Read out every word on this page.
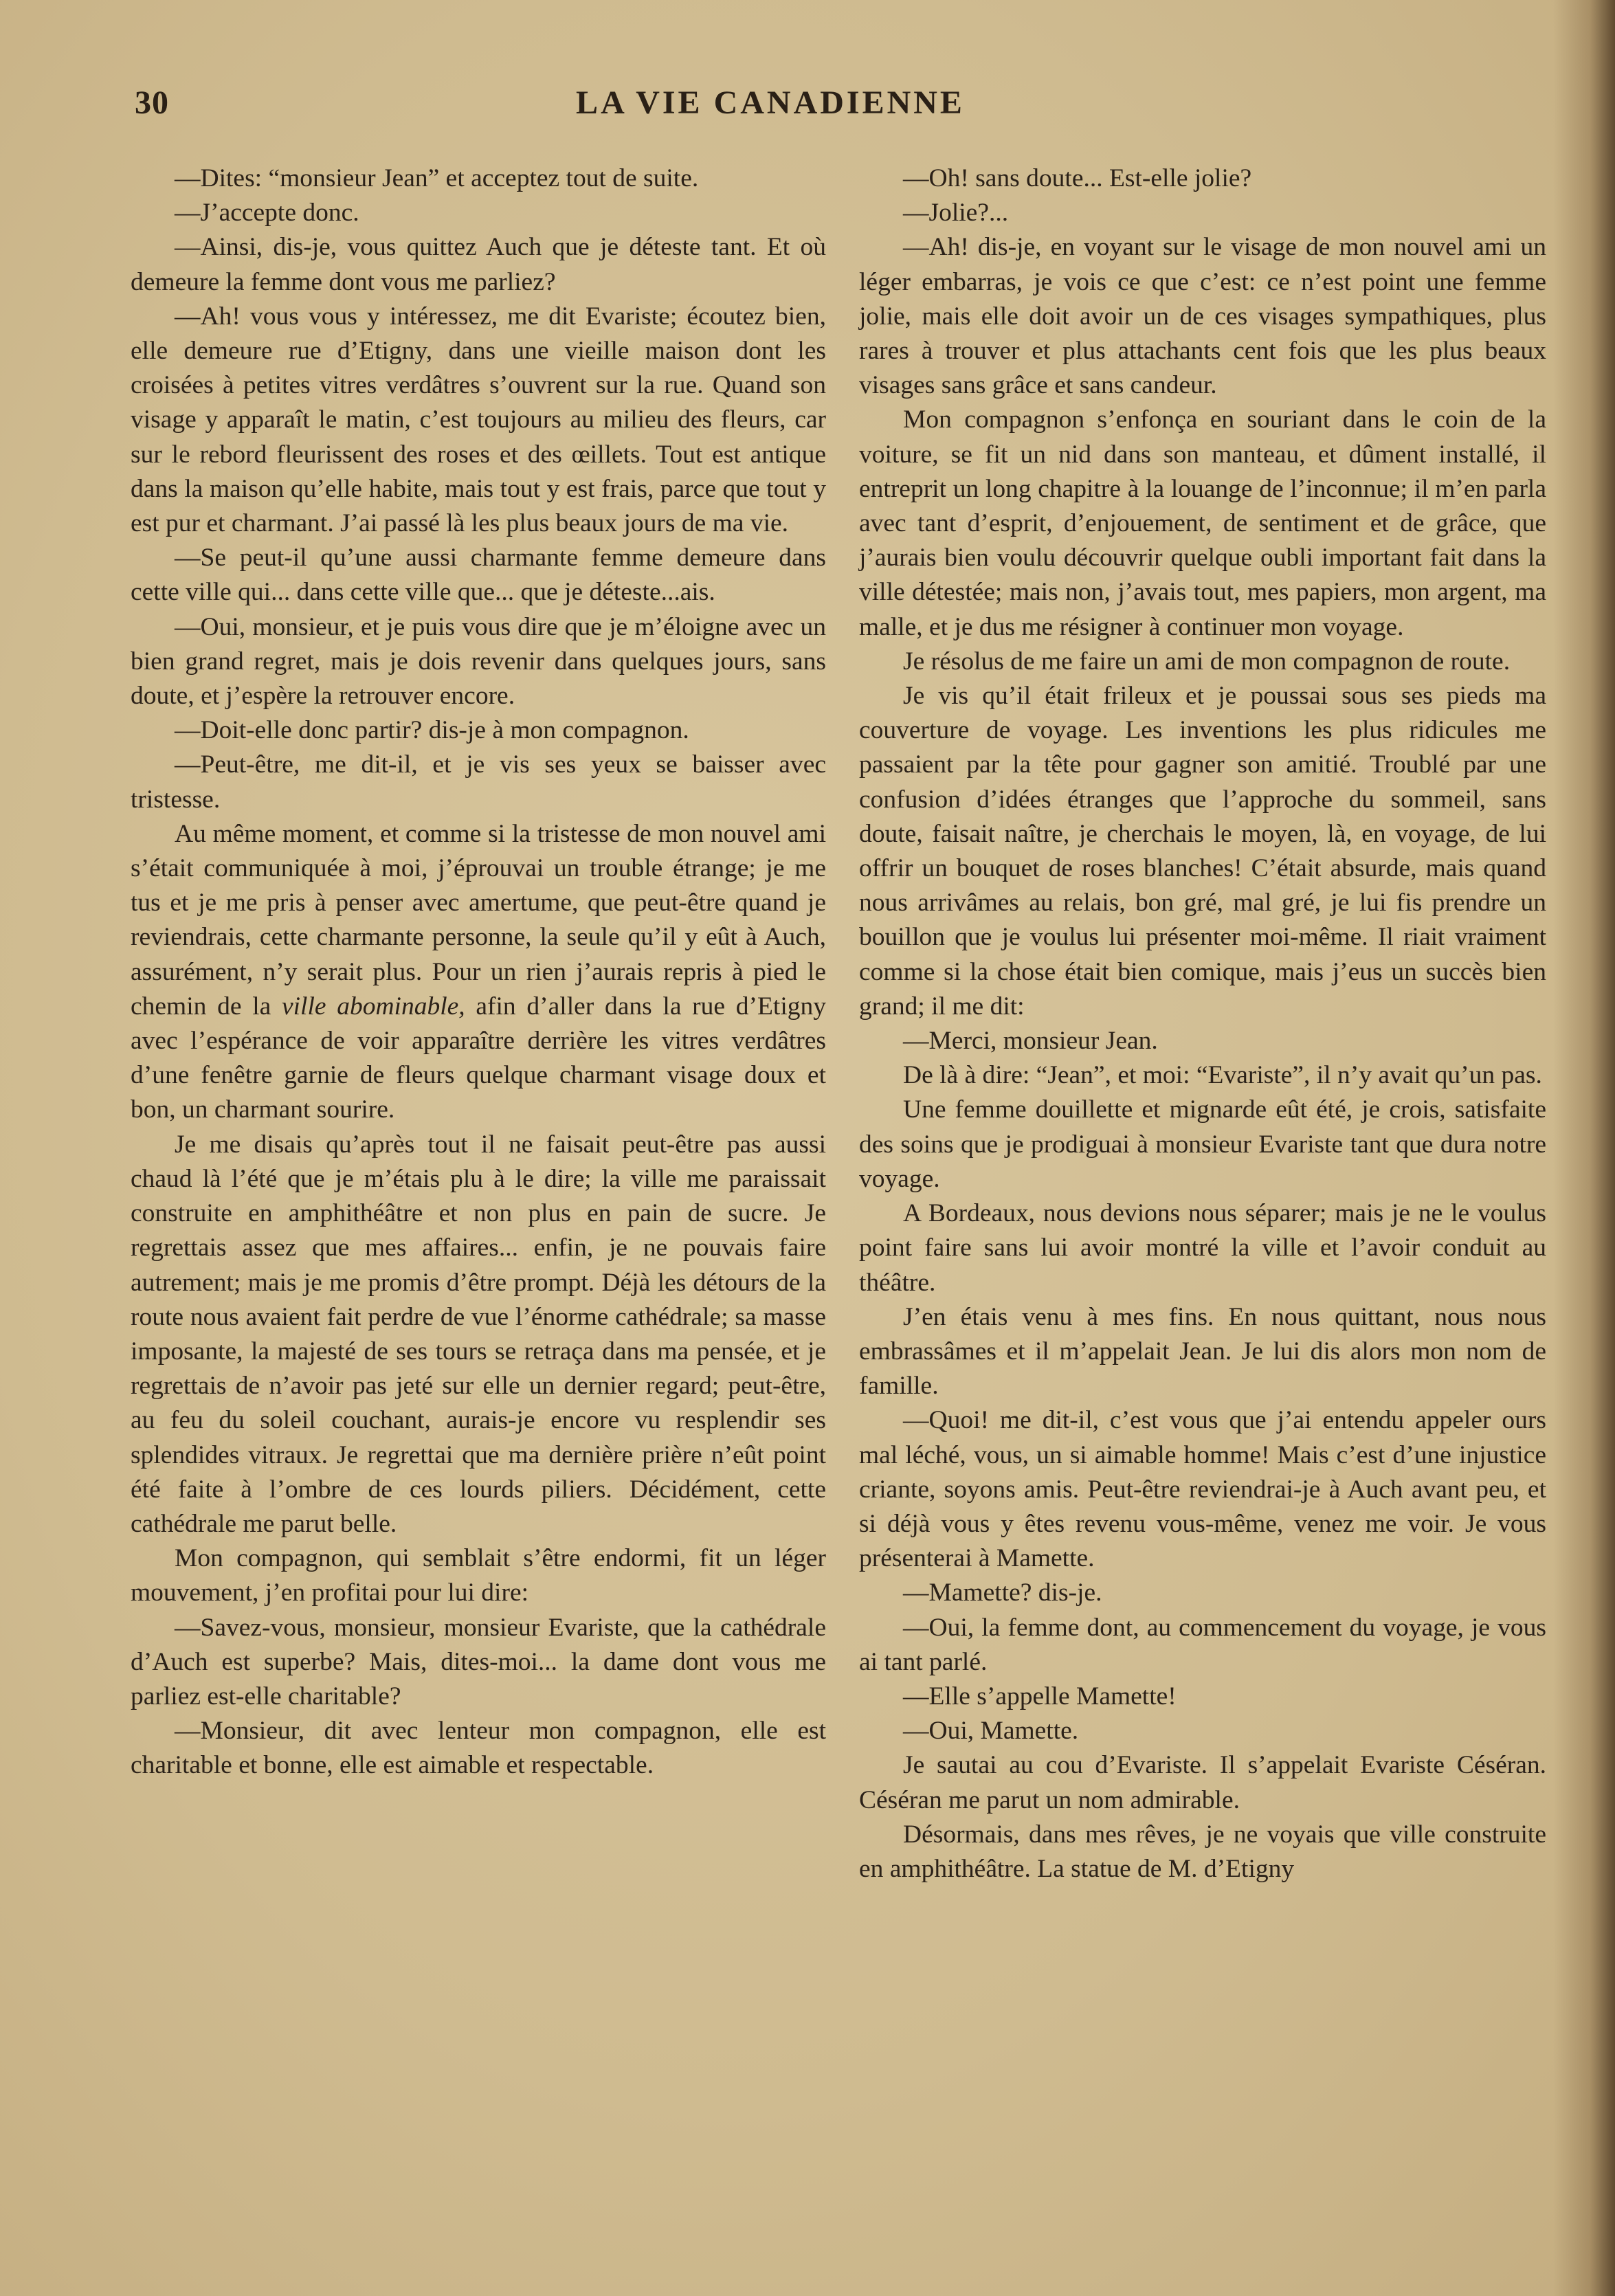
30	LA VIE CANADIENNE

—Dites: “monsieur Jean” et acceptez tout de suite.

—J’accepte donc.

—Ainsi, dis-je, vous quittez Auch que je déteste tant. Et où demeure la femme dont vous me parliez?

—Ah! vous vous y intéressez, me dit Evariste; écoutez bien, elle demeure rue d’Etigny, dans une vieille maison dont les croisées à petites vitres verdâtres s’ouvrent sur la rue. Quand son visage y apparaît le matin, c’est toujours au milieu des fleurs, car sur le rebord fleurissent des roses et des œillets. Tout est antique dans la maison qu’elle habite, mais tout y est frais, parce que tout y est pur et charmant. J’ai passé là les plus beaux jours de ma vie.

—Se peut-il qu’une aussi charmante femme demeure dans cette ville qui... dans cette ville que... que je déteste...ais.

—Oui, monsieur, et je puis vous dire que je m’éloigne avec un bien grand regret, mais je dois revenir dans quelques jours, sans doute, et j’espère la retrouver encore.

—Doit-elle donc partir? dis-je à mon compagnon.

—Peut-être, me dit-il, et je vis ses yeux se baisser avec tristesse.

Au même moment, et comme si la tristesse de mon nouvel ami s’était communiquée à moi, j’éprouvai un trouble étrange; je me tus et je me pris à penser avec amertume, que peut-être quand je reviendrais, cette charmante personne, la seule qu’il y eût à Auch, assurément, n’y serait plus. Pour un rien j’aurais repris à pied le chemin de la ville abominable, afin d’aller dans la rue d’Etigny avec l’espérance de voir apparaître derrière les vitres verdâtres d’une fenêtre garnie de fleurs quelque charmant visage doux et bon, un charmant sourire.

Je me disais qu’après tout il ne faisait peut-être pas aussi chaud là l’été que je m’étais plu à le dire; la ville me paraissait construite en amphithéâtre et non plus en pain de sucre. Je regrettais assez que mes affaires... enfin, je ne pouvais faire autrement; mais je me promis d’être prompt. Déjà les détours de la route nous avaient fait perdre de vue l’énorme cathédrale; sa masse imposante, la majesté de ses tours se retraça dans ma pensée, et je regrettais de n’avoir pas jeté sur elle un dernier regard; peut-être, au feu du soleil couchant, aurais-je encore vu resplendir ses splendides vitraux. Je regrettai que ma dernière prière n’eût point été faite à l’ombre de ces lourds piliers. Décidément, cette cathédrale me parut belle.

Mon compagnon, qui semblait s’être endormi, fit un léger mouvement, j’en profitai pour lui dire:

—Savez-vous, monsieur, monsieur Evariste, que la cathédrale d’Auch est superbe? Mais, dites-moi... la dame dont vous me parliez est-elle charitable?

—Monsieur, dit avec lenteur mon compagnon, elle est charitable et bonne, elle est aimable et respectable.

—Oh! sans doute... Est-elle jolie?

—Jolie?...

—Ah! dis-je, en voyant sur le visage de mon nouvel ami un léger embarras, je vois ce que c’est: ce n’est point une femme jolie, mais elle doit avoir un de ces visages sympathiques, plus rares à trouver et plus attachants cent fois que les plus beaux visages sans grâce et sans candeur.

Mon compagnon s’enfonça en souriant dans le coin de la voiture, se fit un nid dans son manteau, et dûment installé, il entreprit un long chapitre à la louange de l’inconnue; il m’en parla avec tant d’esprit, d’enjouement, de sentiment et de grâce, que j’aurais bien voulu découvrir quelque oubli important fait dans la ville détestée; mais non, j’avais tout, mes papiers, mon argent, ma malle, et je dus me résigner à continuer mon voyage.

Je résolus de me faire un ami de mon compagnon de route.

Je vis qu’il était frileux et je poussai sous ses pieds ma couverture de voyage. Les inventions les plus ridicules me passaient par la tête pour gagner son amitié. Troublé par une confusion d’idées étranges que l’approche du sommeil, sans doute, faisait naître, je cherchais le moyen, là, en voyage, de lui offrir un bouquet de roses blanches! C’était absurde, mais quand nous arrivâmes au relais, bon gré, mal gré, je lui fis prendre un bouillon que je voulus lui présenter moi-même. Il riait vraiment comme si la chose était bien comique, mais j’eus un succès bien grand; il me dit:

—Merci, monsieur Jean.

De là à dire: “Jean”, et moi: “Evariste”, il n’y avait qu’un pas.

Une femme douillette et mignarde eût été, je crois, satisfaite des soins que je prodiguai à monsieur Evariste tant que dura notre voyage.

A Bordeaux, nous devions nous séparer; mais je ne le voulus point faire sans lui avoir montré la ville et l’avoir conduit au théâtre.

J’en étais venu à mes fins. En nous quittant, nous nous embrassâmes et il m’appelait Jean. Je lui dis alors mon nom de famille.

—Quoi! me dit-il, c’est vous que j’ai entendu appeler ours mal léché, vous, un si aimable homme! Mais c’est d’une injustice criante, soyons amis. Peut-être reviendrai-je à Auch avant peu, et si déjà vous y êtes revenu vous-même, venez me voir. Je vous présenterai à Mamette.

—Mamette? dis-je.

—Oui, la femme dont, au commencement du voyage, je vous ai tant parlé.

—Elle s’appelle Mamette!

—Oui, Mamette.

Je sautai au cou d’Evariste. Il s’appelait Evariste Céséran. Céséran me parut un nom admirable.

Désormais, dans mes rêves, je ne voyais que ville construite en amphithéâtre. La statue de M. d’Etigny
